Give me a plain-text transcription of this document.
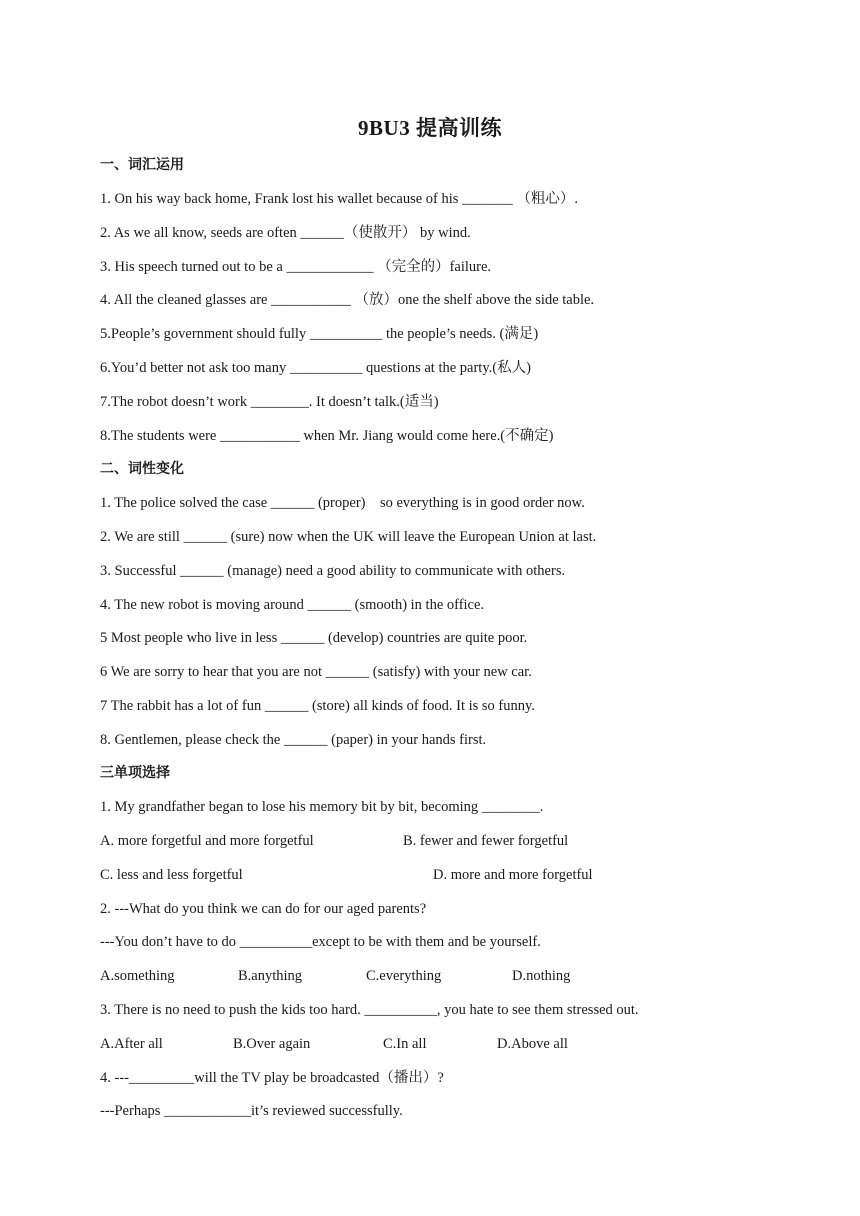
9BU3 提高训练
一、词汇运用
1. On his way back home, Frank lost his wallet because of his _______ （粗心）.
2. As we all know, seeds are often ______（使散开） by wind.
3. His speech turned out to be a ____________ （完全的）failure.
4. All the cleaned glasses are ___________ （放）one the shelf above the side table.
5.People’s government should fully __________ the people’s needs. (满足)
6.You’d better not ask too many __________ questions at the party.(私人)
7.The robot doesn’t work ________. It doesn’t talk.(适当)
8.The students were ___________ when Mr. Jiang would come here.(不确定)
二、词性变化
1. The police solved the case ______ (proper)    so everything is in good order now.
2. We are still ______ (sure) now when the UK will leave the European Union at last.
3. Successful ______ (manage) need a good ability to communicate with others.
4. The new robot is moving around ______ (smooth) in the office.
5 Most people who live in less ______ (develop) countries are quite poor.
6 We are sorry to hear that you are not ______ (satisfy) with your new car.
7 The rabbit has a lot of fun ______ (store) all kinds of food. It is so funny.
8. Gentlemen, please check the ______ (paper) in your hands first.
三单项选择
1. My grandfather began to lose his memory bit by bit, becoming ________.
A. more forgetful and more forgetful	B. fewer and fewer forgetful
C. less and less forgetful	D. more and more forgetful
2. ---What do you think we can do for our aged parents?
---You don’t have to do __________except to be with them and be yourself.
A.something	B.anything	C.everything	D.nothing
3. There is no need to push the kids too hard. __________, you hate to see them stressed out.
A.After all	B.Over again	C.In all	D.Above all
4. ---_________will the TV play be broadcasted（播出）?
---Perhaps ____________it’s reviewed successfully.
